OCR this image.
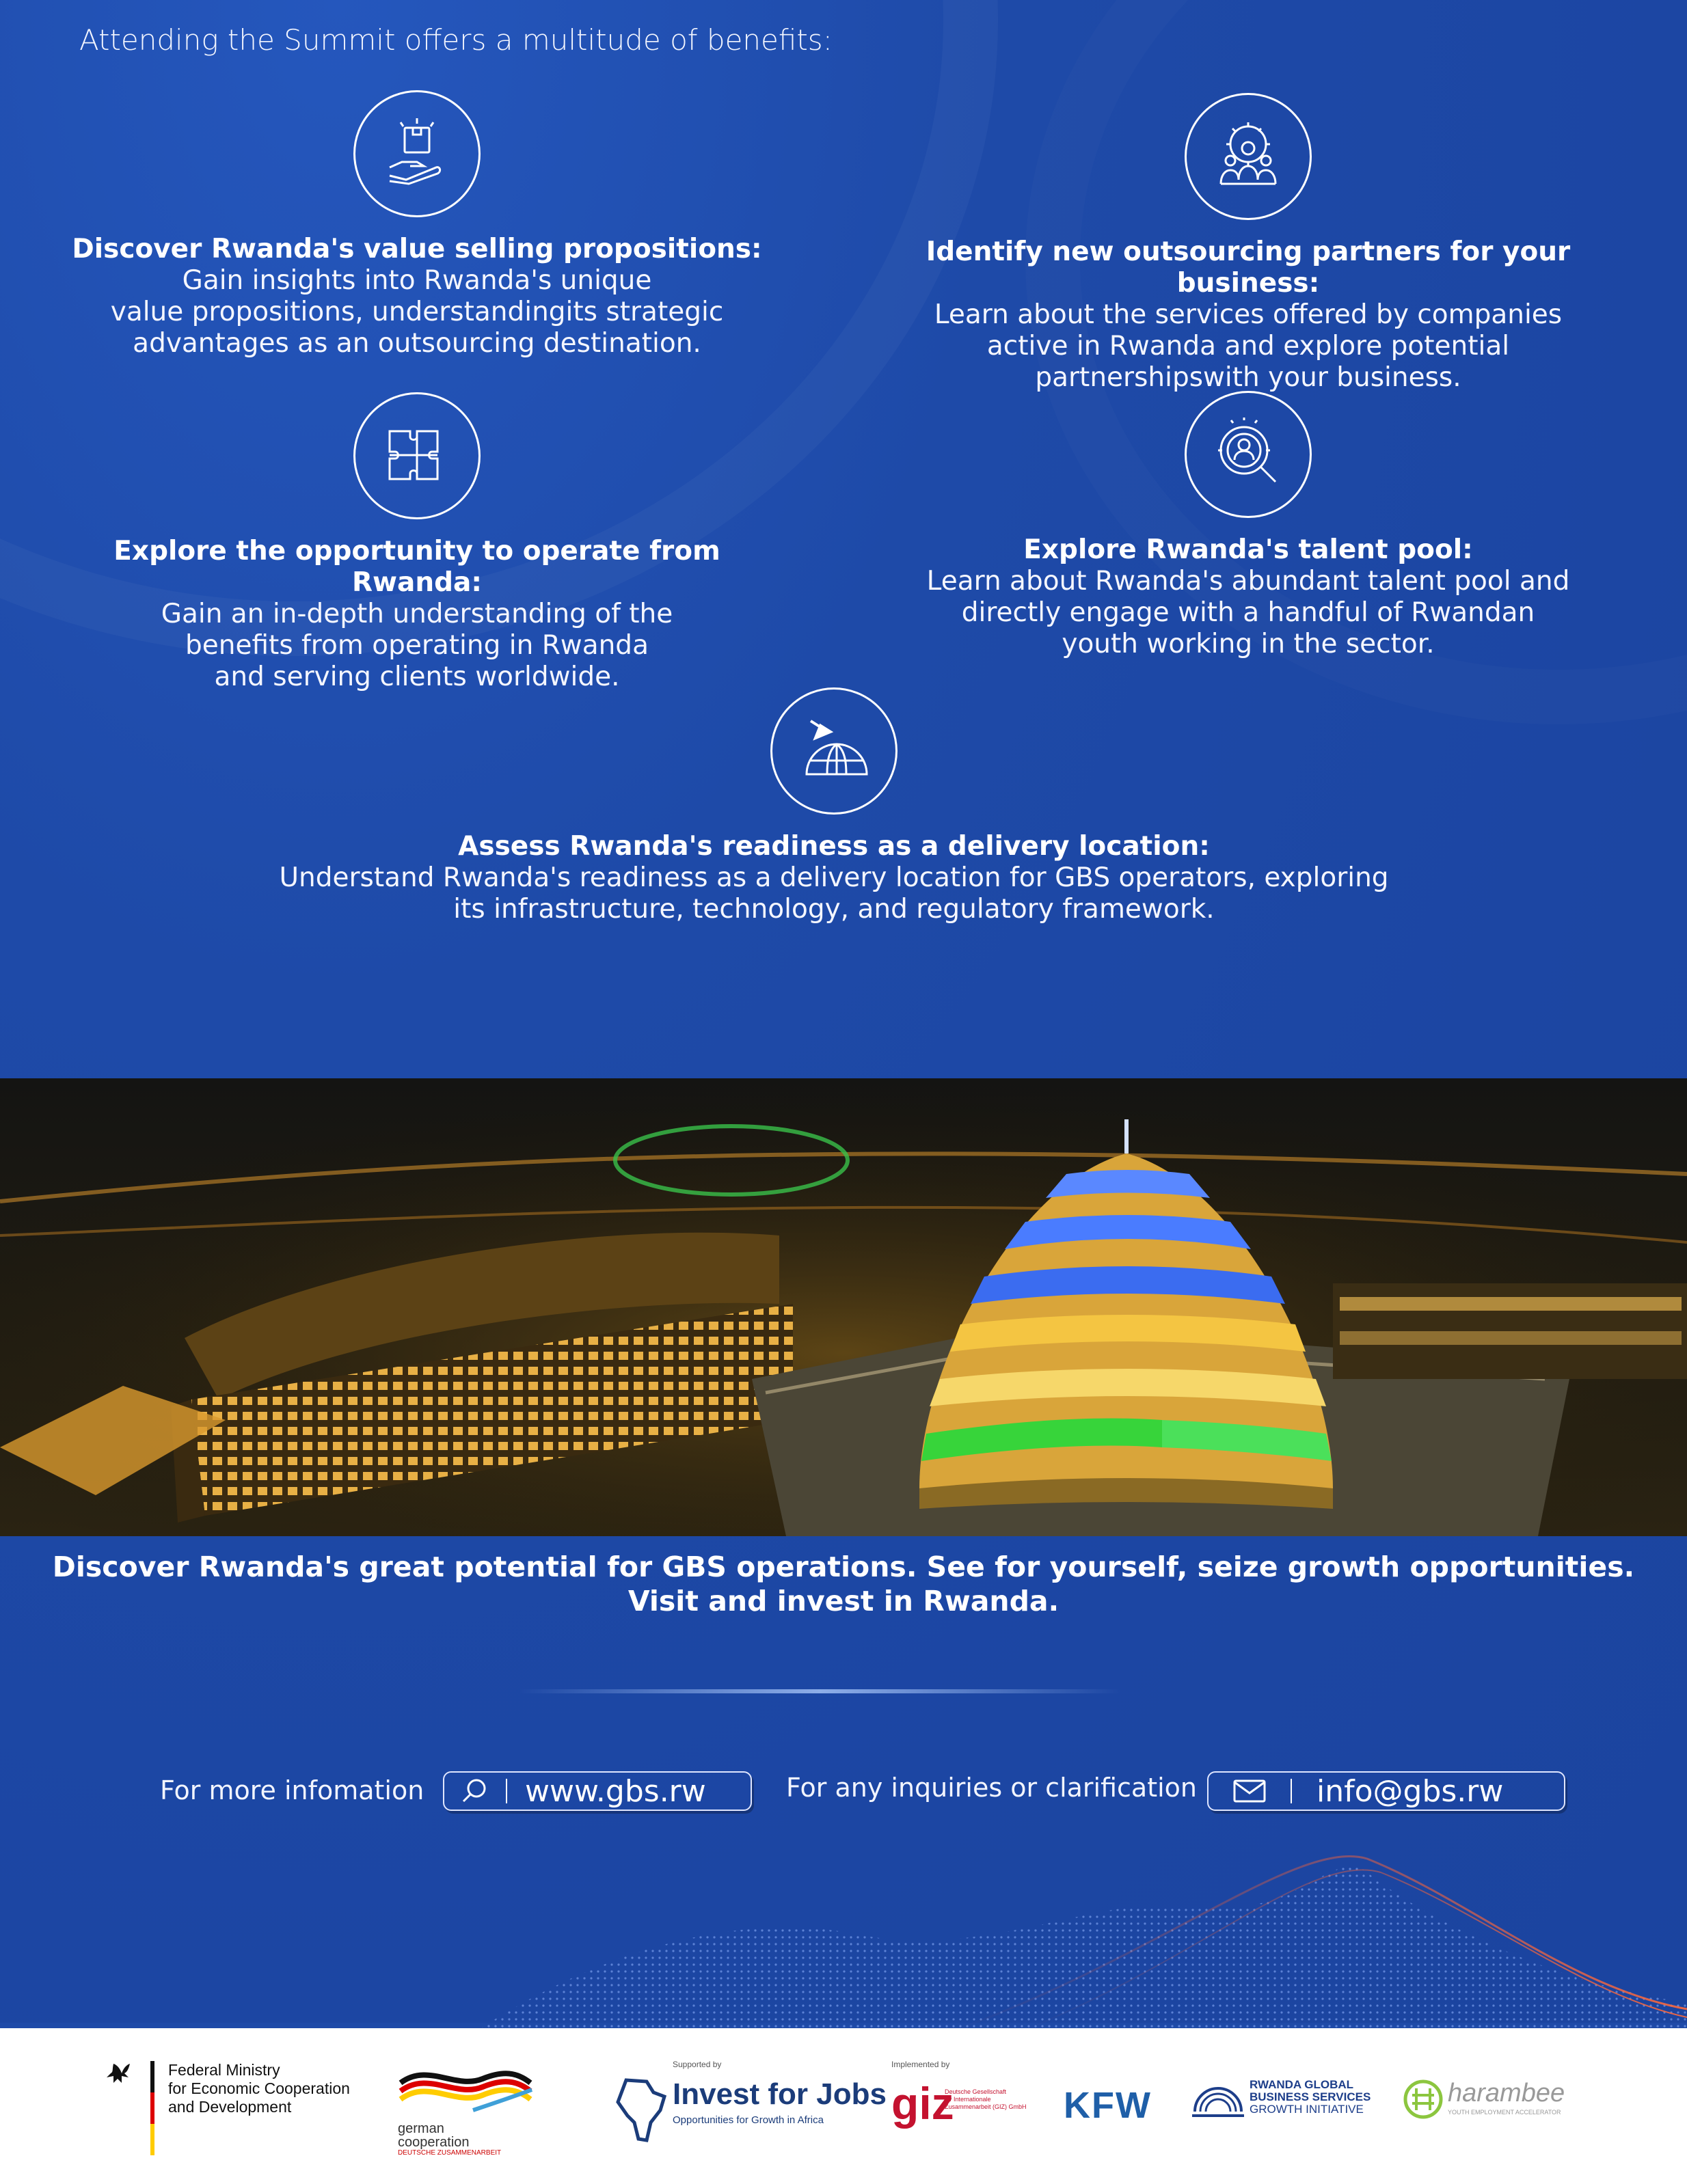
Attending the Summit offers a multitude of benefits:
Discover Rwanda's value selling propositions:

Gain insights into Rwanda's unique

value propositions, understandingits strategic

advantages as an outsourcing destination.

Identify new outsourcing partners for your business:

Learn about the services offered by companies

active in Rwanda and explore potential

partnershipswith your business.

Explore the opportunity to operate from Rwanda:

Gain an in-depth understanding of the

benefits from operating in Rwanda

and serving clients worldwide.

Explore Rwanda's talent pool:

Learn about Rwanda's abundant talent pool and

directly engage with a handful of Rwandan

youth working in the sector.

Assess Rwanda's readiness as a delivery location:

Understand Rwanda's readiness as a delivery location for GBS operators, exploring

its infrastructure, technology, and regulatory framework.

Discover Rwanda's great potential for GBS operations. See for yourself, seize growth opportunities.
Visit and invest in Rwanda.
For more infomation	www.gbs.rw	For any inquiries or clarification	info@gbs.rw
Federal Ministry
for Economic Cooperation
and Development
german
cooperation
DEUTSCHE ZUSAMMENARBEIT
Supported by
Invest for Jobs
Opportunities for Growth in Africa
Implemented by
giz
Deutsche Gesellschaft
für Internationale
Zusammenarbeit (GIZ) GmbH KFW
RWANDA GLOBAL
BUSINESS SERVICES
GROWTH INITIATIVE
harambee
YOUTH EMPLOYMENT ACCELERATOR
